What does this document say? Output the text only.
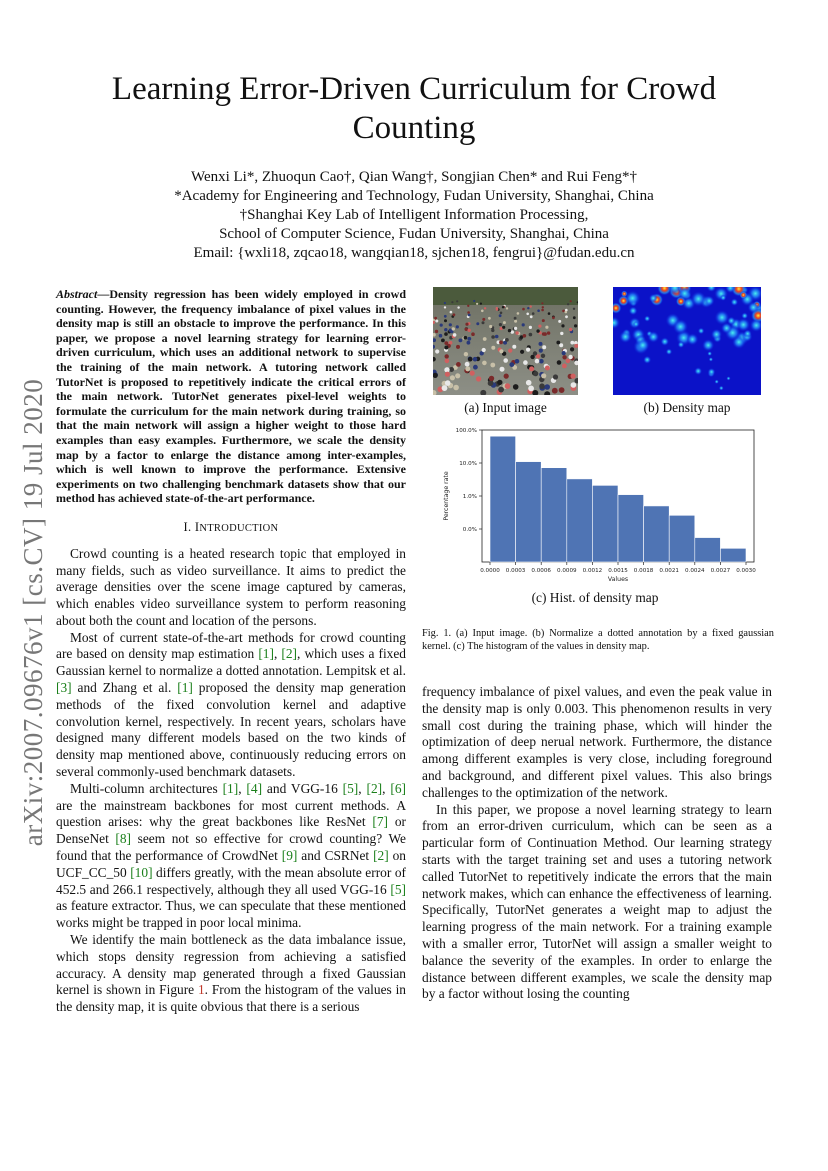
arXiv:2007.09676v1 [cs.CV] 19 Jul 2020
Learning Error-Driven Curriculum for Crowd
Counting
Wenxi Li*, Zhuoqun Cao†, Qian Wang†, Songjian Chen* and Rui Feng*†
*Academy for Engineering and Technology, Fudan University, Shanghai, China
†Shanghai Key Lab of Intelligent Information Processing,
School of Computer Science, Fudan University, Shanghai, China
Email: {wxli18, zqcao18, wangqian18, sjchen18, fengrui}@fudan.edu.cn
Abstract—Density regression has been widely employed in crowd counting. However, the frequency imbalance of pixel values in the density map is still an obstacle to improve the performance. In this paper, we propose a novel learning strategy for learning error-driven curriculum, which uses an additional network to supervise the training of the main network. A tutoring network called TutorNet is proposed to repetitively indicate the critical errors of the main network. TutorNet generates pixel-level weights to formulate the curriculum for the main network during training, so that the main network will assign a higher weight to those hard examples than easy examples. Furthermore, we scale the density map by a factor to enlarge the distance among inter-examples, which is well known to improve the performance. Extensive experiments on two challenging benchmark datasets show that our method has achieved state-of-the-art performance.
I. INTRODUCTION

Crowd counting is a heated research topic that employed in many fields, such as video surveillance. It aims to predict the average densities over the scene image captured by cameras, which enables video surveillance system to perform reasoning about both the count and location of the persons.

Most of current state-of-the-art methods for crowd counting are based on density map estimation [1], [2], which uses a fixed Gaussian kernel to normalize a dotted annotation. Lempitsk et al. [3] and Zhang et al. [1] proposed the density map generation methods of the fixed convolution kernel and adaptive convolution kernel, respectively. In recent years, scholars have designed many different models based on the two kinds of density map mentioned above, continuously reducing errors on several commonly-used benchmark datasets.

Multi-column architectures [1], [4] and VGG-16 [5], [2], [6] are the mainstream backbones for most current methods. A question arises: why the great backbones like ResNet [7] or DenseNet [8] seem not so effective for crowd counting? We found that the performance of CrowdNet [9] and CSRNet [2] on UCF_CC_50 [10] differs greatly, with the mean absolute error of 452.5 and 266.1 respectively, although they all used VGG-16 [5] as feature extractor. Thus, we can speculate that these mentioned works might be trapped in poor local minima.

We identify the main bottleneck as the data imbalance issue, which stops density regression from achieving a satisfied accuracy. A density map generated through a fixed Gaussian kernel is shown in Figure 1. From the histogram of the values in the density map, it is quite obvious that there is a serious

(a) Input image	(b) Density map
100.0%
10.0%
1.0%
0.0%
0.0000 0.0003 0.0006 0.0009 0.0012 0.0015 0.0018 0.0021 0.0024 0.0027 0.0030
Values
Percentage rate
(c) Hist. of density map
Fig. 1. (a) Input image. (b) Normalize a dotted annotation by a fixed gaussian kernel. (c) The histogram of the values in density map.

frequency imbalance of pixel values, and even the peak value in the density map is only 0.003. This phenomenon results in very small cost during the training phase, which will hinder the optimization of deep nerual network. Furthermore, the distance among different examples is very close, including foreground and background, and different pixel values. This also brings challenges to the optimization of the network.

In this paper, we propose a novel learning strategy to learn from an error-driven curriculum, which can be seen as a particular form of Continuation Method. Our learning strategy starts with the target training set and uses a tutoring network called TutorNet to repetitively indicate the errors that the main network makes, which can enhance the effectiveness of learning. Specifically, TutorNet generates a weight map to adjust the learning progress of the main network. For a training example with a smaller error, TutorNet will assign a smaller weight to balance the severity of the examples. In order to enlarge the distance between different examples, we scale the density map by a factor without losing the counting
